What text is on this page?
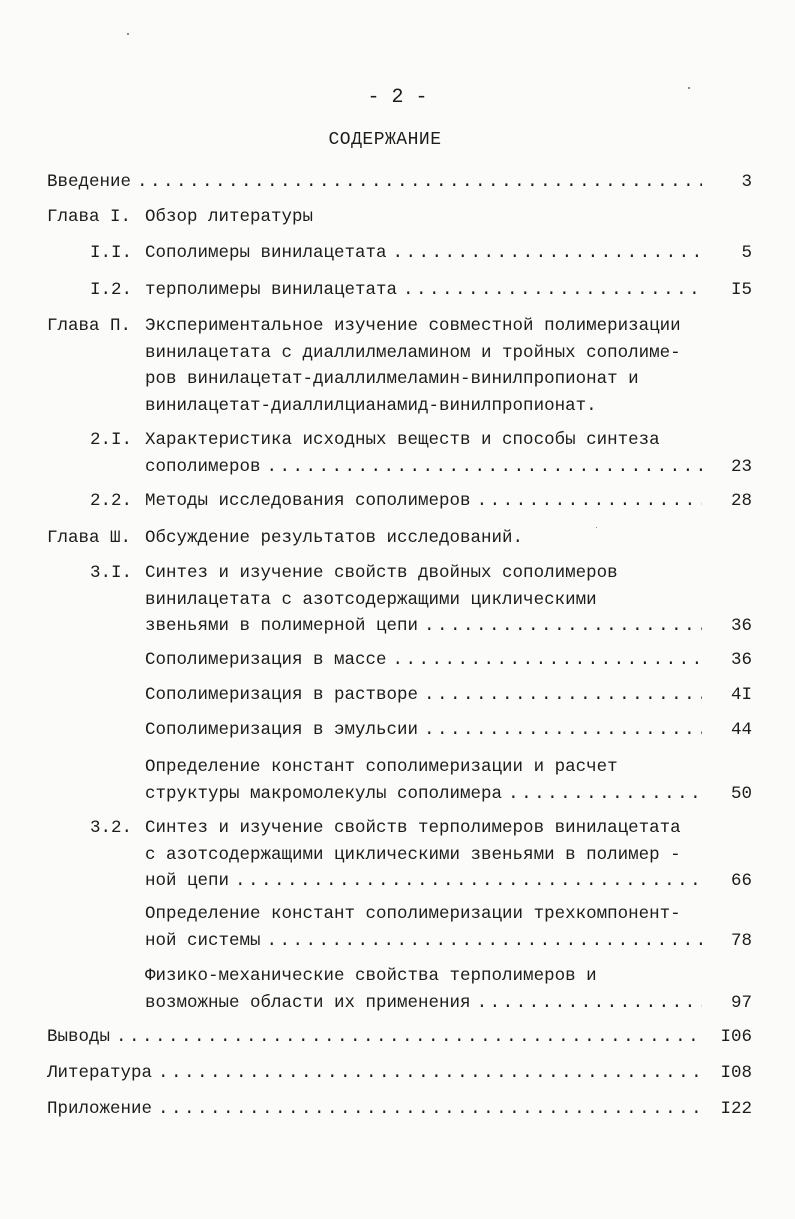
- 2 -
СОДЕРЖАНИЕ
Введение .....	3
Глава I. Обзор литературы
I.I. Сополимеры винилацетата .....	5
I.2. терполимеры винилацетата .....	I5
Глава П. Экспериментальное изучение совместной полимеризации
винилацетата с диаллилмеламином и тройных сополиме-
ров винилацетат-диаллилмеламин-винилпропионат и
винилацетат-диаллилцианамид-винилпропионат.
2.I. Характеристика исходных веществ и способы синтеза
сополимеров .....	23
2.2. Методы исследования сополимеров .....	28
Глава Ш. Обсуждение результатов исследований.
3.I. Синтез и изучение свойств двойных сополимеров
винилацетата с азотсодержащими циклическими
звеньями в полимерной цепи .....	36
Сополимеризация в массе .....	36
Сополимеризация в растворе .....	4I
Сополимеризация в эмульсии .....	44
Определение констант сополимеризации и расчет
структуры макромолекулы сополимера .....	50
3.2. Синтез и изучение свойств терполимеров винилацетата
с азотсодержащими циклическими звеньями в полимер -
ной цепи .....	66
Определение констант сополимеризации трехкомпонент-
ной системы .....	78
Физико-механические свойства терполимеров и
возможные области их применения .....	97
Выводы .....	I06
Литература .....	I08
Приложение .....	I22
